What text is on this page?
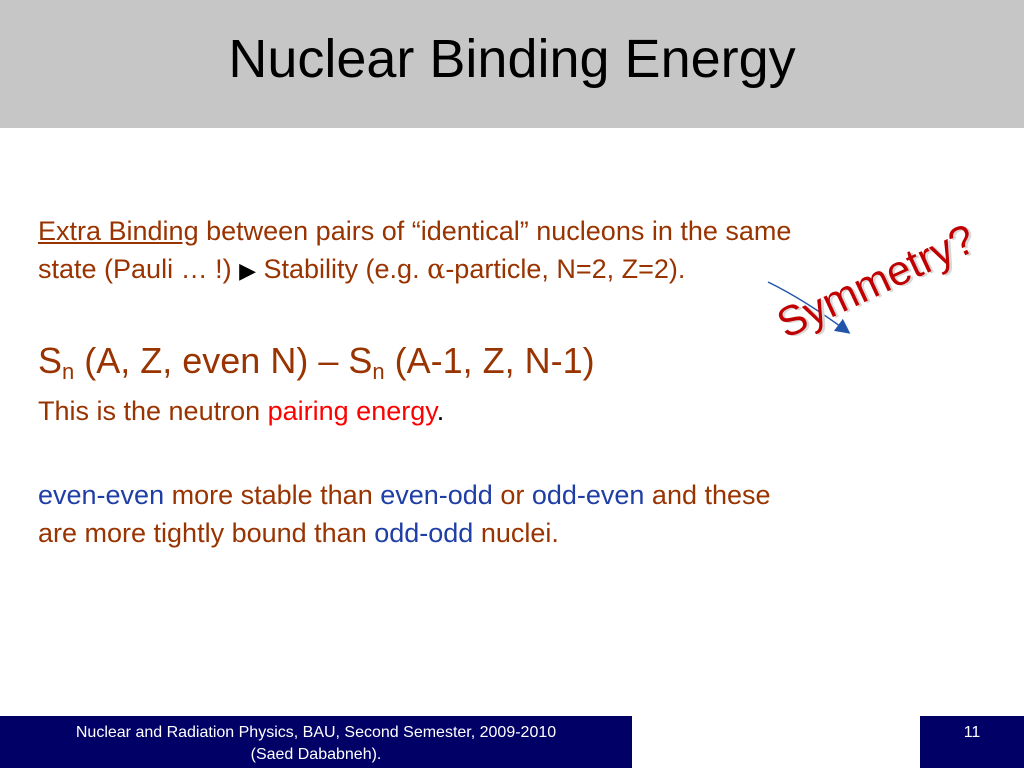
Nuclear Binding Energy
Extra Binding between pairs of “identical” nucleons in the same
state (Pauli … !) ▶ Stability (e.g. α-particle, N=2, Z=2).
$S_n$ (A, Z, even $N) - S_n$ (A-1, Z, N-1)
This is the neutron pairing energy.
even-even more stable than even-odd or odd-even and these
are more tightly bound than odd-odd nuclei.
Symmetry?
Nuclear and Radiation Physics, BAU, Second Semester, 2009-2010
(Saed Dababneh).
11
